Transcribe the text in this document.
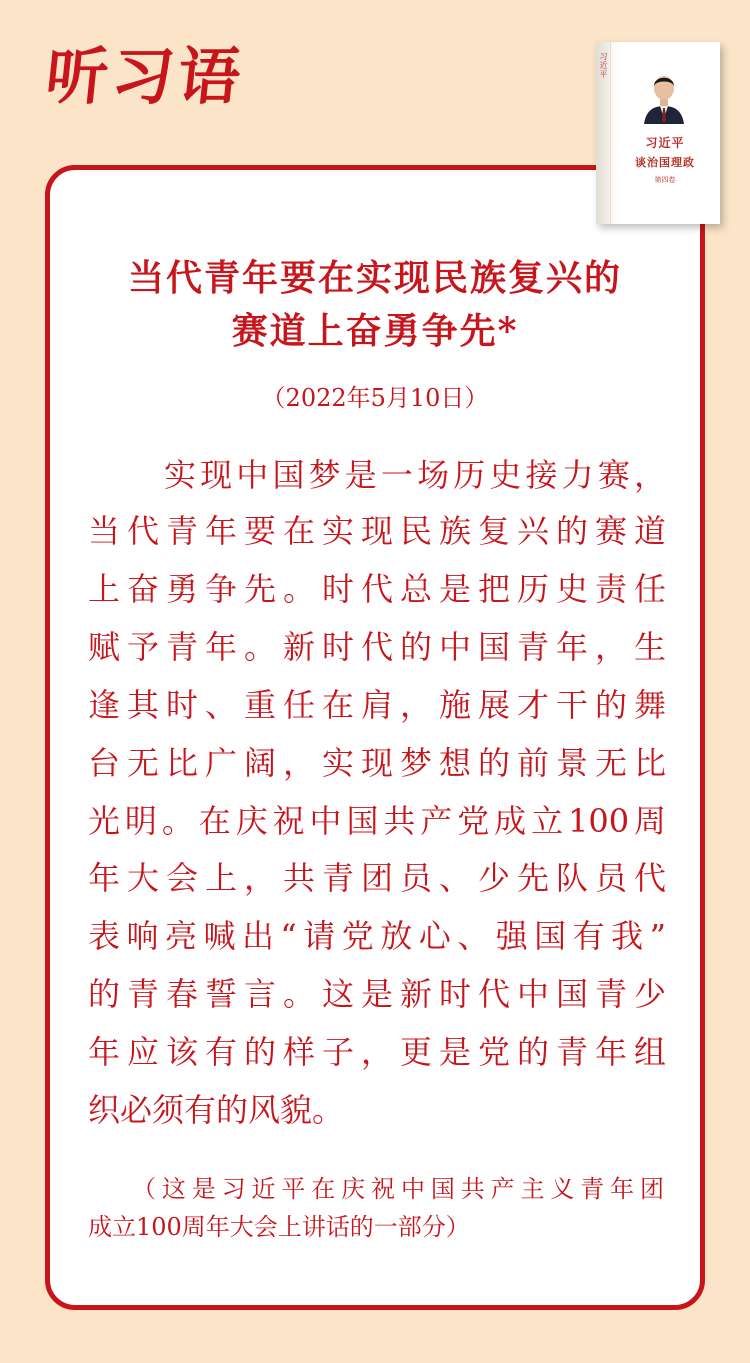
听习语	习近平
习近平
谈治国理政
第四卷
当代青年要在实现民族复兴的
赛道上奋勇争先*
（2022年5月10日）
实现中国梦是一场历史接力赛，
当代青年要在实现民族复兴的赛道
上奋勇争先。时代总是把历史责任
赋予青年。新时代的中国青年，生
逢其时、重任在肩，施展才干的舞
台无比广阔，实现梦想的前景无比
光明。在庆祝中国共产党成立100周
年大会上，共青团员、少先队员代
表响亮喊出“请党放心、强国有我”
的青春誓言。这是新时代中国青少
年应该有的样子，更是党的青年组
织必须有的风貌。
（这是习近平在庆祝中国共产主义青年团
成立100周年大会上讲话的一部分）
